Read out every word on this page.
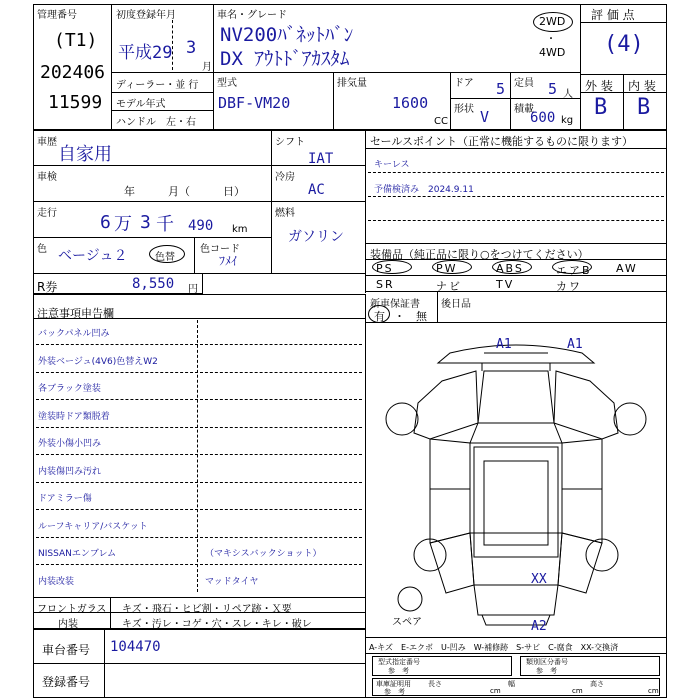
管理番号
(T1)
202406
11599
初度登録年月
平成29 3
月
ディーラー・並 行
モデル年式
ハンドル　左・右
車名・グレード
NV200ﾊﾞﾈｯﾄﾊﾞﾝ
DX ｱｳﾄﾄﾞｱｶｽﾀﾑ
2WD
・
4WD
評 価 点
(4)
外 装 内 装
B B
型式
DBF-VM20
排気量
1600
CC
ドア 5 定員 5 人
形状 V 積載
600 kg
車歴
自家用
車検
年　　　月（　　　日）
走行 6 万 3 千 490 km
色 ベージュ２	色替
色コード
ﾌﾒｲ
シフト
IAT
冷房
AC
燃料
ガソリン
R券	8,550 円
セールスポイント（正常に機能するものに限ります）
キーレス
予備検済み　2024.9.11
装備品（純正品に限り○をつけてください）
PS	PW	ABS	エアB AW
SR	ナビ	TV	カワ
新車保証書 後日品
有 ・　無
注意事項申告欄
バックパネル凹み
外装ベージュ(4V6)色替えW2
各ブラック塗装
塗装時ドア類脱着
外装小傷小凹み
内装傷凹み汚れ
ドアミラー傷
ルーフキャリア/バスケット
NISSANエンブレム	（マキシスバックショット）
内装改装	マッドタイヤ
A1	A1
XX
A2
スペア
A-キズ　E-エクボ　U-凹み　W-補修跡　S-サビ　C-腐食　XX-交換済
型式指定番号
参　考
類別区分番号
参　考
車庫証明用
参　考
長さ
cm
幅
cm
高さ
cm
フロントガラス キズ・飛石・ヒビ割・リペア跡・Ｘ要
内装	キズ・汚レ・コゲ・穴・スレ・キレ・破レ
車台番号 104470
登録番号
